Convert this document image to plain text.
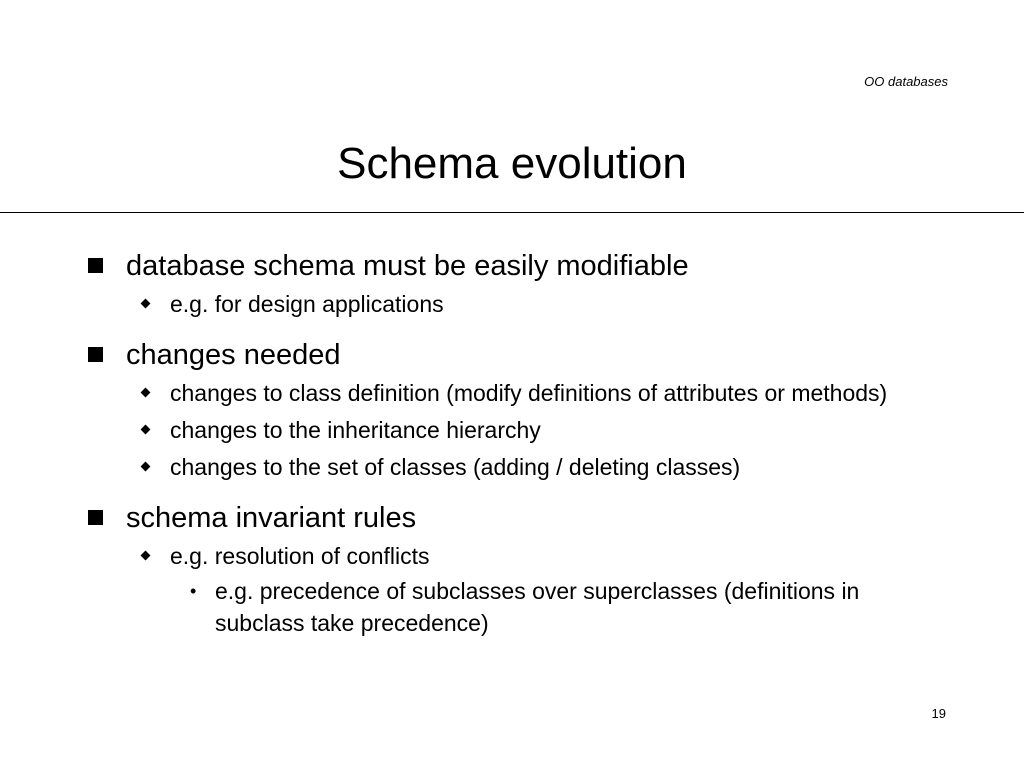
OO databases
Schema evolution
database schema must be easily modifiable
e.g. for design applications
changes needed
changes to class definition (modify definitions of attributes or methods)
changes to the inheritance hierarchy
changes to the set of classes (adding / deleting classes)
schema invariant rules
e.g. resolution of conflicts
• e.g. precedence of subclasses over superclasses (definitions in subclass take precedence)
19
